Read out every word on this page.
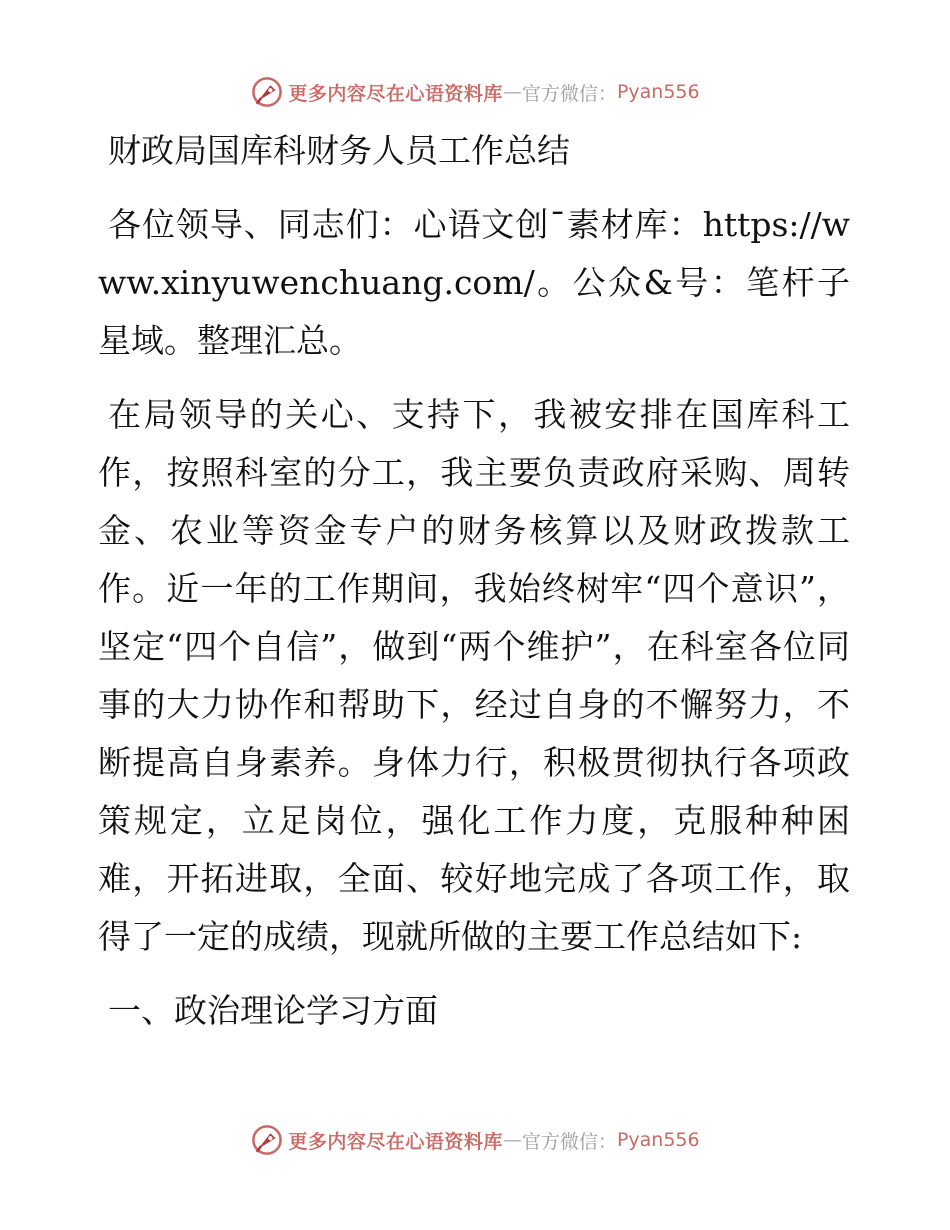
更多内容尽在心语资料库 — 官方微信： Pyan556

财政局国库科财务人员工作总结

各位领导、同志们：心语文创¯素材库：https://www.xinyuwenchuang.com/。公众&号：笔杆子星域。整理汇总。

在局领导的关心、支持下，我被安排在国库科工作，按照科室的分工，我主要负责政府采购、周转金、农业等资金专户的财务核算以及财政拨款工作。近一年的工作期间，我始终树牢“四个意识”，坚定“四个自信”，做到“两个维护”，在科室各位同事的大力协作和帮助下，经过自身的不懈努力，不断提高自身素养。身体力行，积极贯彻执行各项政策规定，立足岗位，强化工作力度，克服种种困难，开拓进取，全面、较好地完成了各项工作，取得了一定的成绩，现就所做的主要工作总结如下:

一、政治理论学习方面

更多内容尽在心语资料库 — 官方微信： Pyan556
